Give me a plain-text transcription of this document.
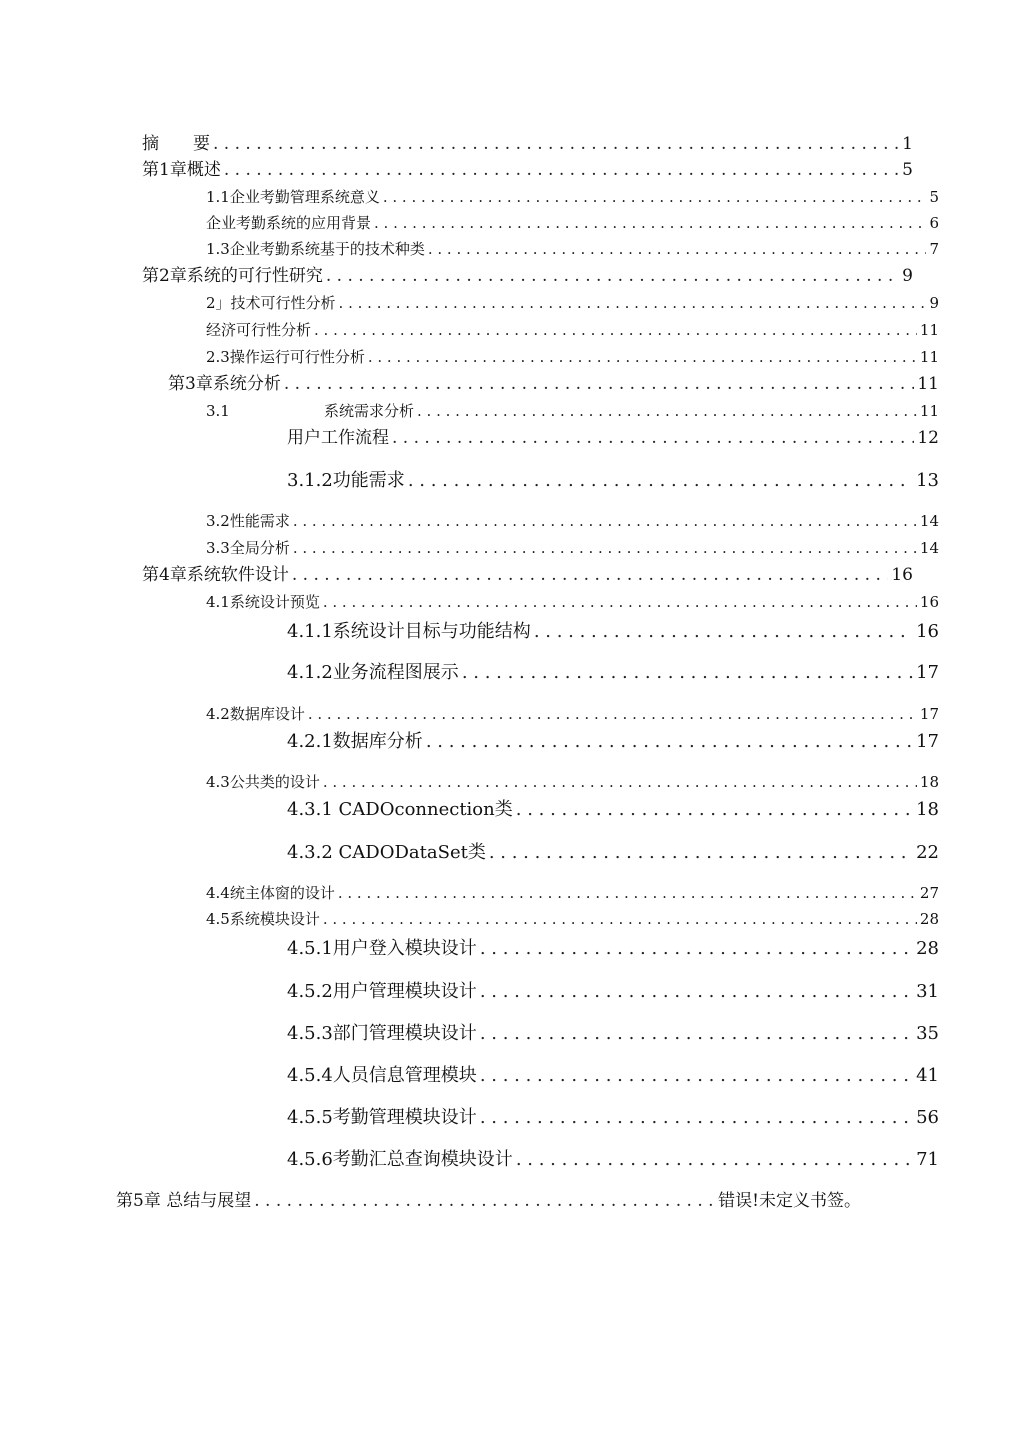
摘　　要 . . .	1
第1章概述 . . .	5
1.1企业考勤管理系统意义 . . .	5
企业考勤系统的应用背景 . . .	6
1.3企业考勤系统基于的技术种类 . . .	7
第2章系统的可行性研究 . . .	9
2」技术可行性分析 . . .	9
经济可行性分析 . . .	11
2.3操作运行可行性分析 . . .	11
第3章系统分析 . . .	11
3.1	系统需求分析 . . .	11
用户工作流程 . . .	12
3.1.2功能需求 . . .	13
3.2性能需求 . . .	14
3.3全局分析 . . .	14
第4章系统软件设计 . . .	16
4.1系统设计预览 . . .	16
4.1.1系统设计目标与功能结构 . . .	16
4.1.2业务流程图展示 . . .	17
4.2数据库设计 . . .	17
4.2.1数据库分析 . . .	17
4.3公共类的设计 . . .	18
4.3.1 CADOconnection类 . . .	18
4.3.2 CADODataSet类 . . .	22
4.4统主体窗的设计 . . .	27
4.5系统模块设计 . . .	28
4.5.1用户登入模块设计 . . .	28
4.5.2用户管理模块设计 . . .	31
4.5.3部门管理模块设计 . . .	35
4.5.4人员信息管理模块 . . .	41
4.5.5考勤管理模块设计 . . .	56
4.5.6考勤汇总查询模块设计 . . .	71
第5章 总结与展望 . . .	错误!未定义书签。
